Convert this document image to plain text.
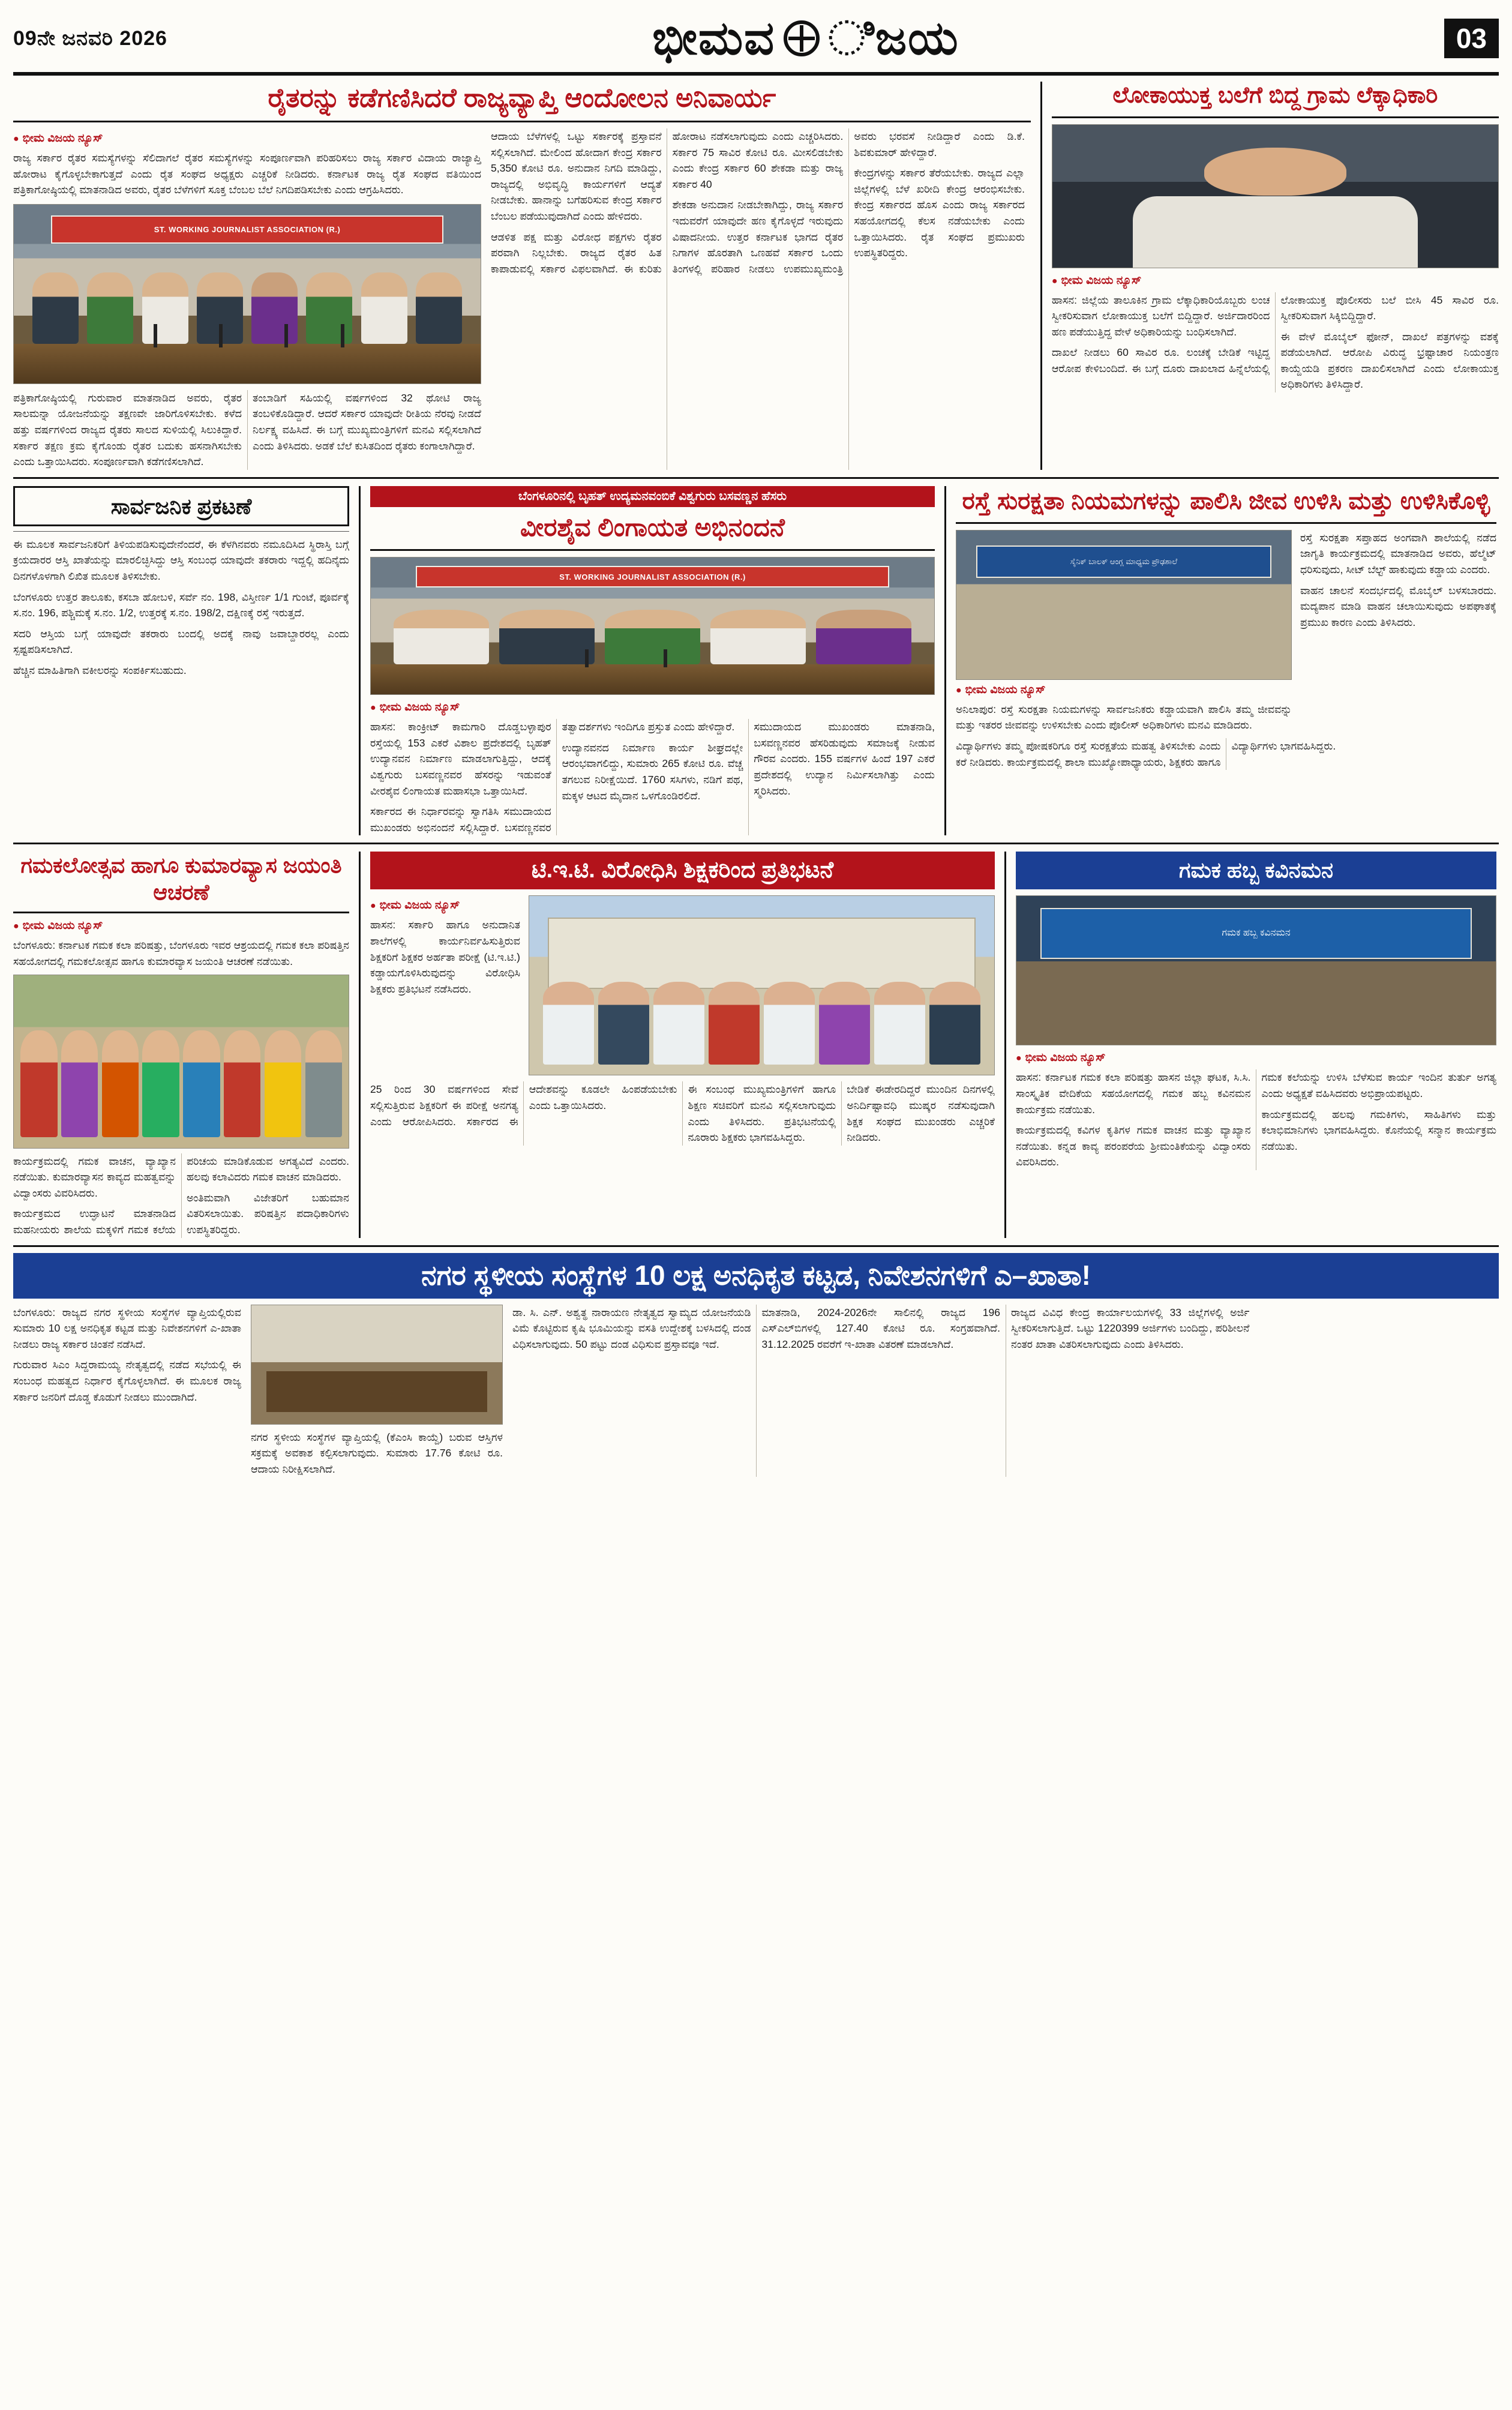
09ನೇ ಜನವರಿ 2026	ಭೀಮವ ಿಜಯ	03
ರೈತರನ್ನು ಕಡೆಗಣಿಸಿದರೆ ರಾಜ್ಯವ್ಯಾಪ್ತಿ ಆಂದೋಲನ ಅನಿವಾರ್ಯ
● ಭೀಮ ವಿಜಯ ನ್ಯೂಸ್
ರಾಜ್ಯ ಸರ್ಕಾರ ರೈತರ ಸಮಸ್ಯೆಗಳನ್ನು ಸೆಲಿದಾಗಲೆ ರೈತರ ಸಮಸ್ಯೆಗಳನ್ನು ಸಂಪೂರ್ಣವಾಗಿ ಪರಿಹರಿಸಲು ರಾಜ್ಯ ಸರ್ಕಾರ ವಿದಾಯ ರಾಜ್ಯಾಪ್ತಿ ಹೋರಾಟ ಕೈಗೊಳ್ಳಬೇಕಾಗುತ್ತದೆ ಎಂದು ರೈತ ಸಂಘದ ಅಧ್ಯಕ್ಷರು ಎಚ್ಚರಿಕೆ ನೀಡಿದರು. ಕರ್ನಾಟಕ ರಾಜ್ಯ ರೈತ ಸಂಘದ ವತಿಯಿಂದ ಪತ್ರಿಕಾಗೋಷ್ಠಿಯಲ್ಲಿ ಮಾತನಾಡಿದ ಅವರು, ರೈತರ ಬೆಳೆಗಳಿಗೆ ಸೂಕ್ತ ಬೆಂಬಲ ಬೆಲೆ ನಿಗದಿಪಡಿಸಬೇಕು ಎಂದು ಆಗ್ರಹಿಸಿದರು.
ST. WORKING JOURNALIST ASSOCIATION (R.)
ಪತ್ರಿಕಾಗೋಷ್ಠಿಯಲ್ಲಿ ಗುರುವಾರ ಮಾತನಾಡಿದ ಅವರು, ರೈತರ ಸಾಲಮನ್ನಾ ಯೋಜನೆಯನ್ನು ತಕ್ಷಣವೇ ಜಾರಿಗೊಳಿಸಬೇಕು. ಕಳೆದ ಹತ್ತು ವರ್ಷಗಳಿಂದ ರಾಜ್ಯದ ರೈತರು ಸಾಲದ ಸುಳಿಯಲ್ಲಿ ಸಿಲುಕಿದ್ದಾರೆ. ಸರ್ಕಾರ ತಕ್ಷಣ ಕ್ರಮ ಕೈಗೊಂಡು ರೈತರ ಬದುಕು ಹಸನಾಗಿಸಬೇಕು ಎಂದು ಒತ್ತಾಯಿಸಿದರು. ಸಂಪೂರ್ಣವಾಗಿ ಕಡೆಗಣಿಸಲಾಗಿದೆ.
ತಂಬಾಡಿಗೆ ಸಹಿಯಲ್ಲಿ ವರ್ಷಗಳಿಂದ 32 ಥೋಟಿ ರಾಜ್ಯ ತಂಬಳಿಕೊಡಿದ್ದಾರೆ. ಆದರೆ ಸರ್ಕಾರ ಯಾವುದೇ ರೀತಿಯ ನೆರವು ನೀಡದೆ ನಿರ್ಲಕ್ಷ್ಯ ವಹಿಸಿದೆ. ಈ ಬಗ್ಗೆ ಮುಖ್ಯಮಂತ್ರಿಗಳಿಗೆ ಮನವಿ ಸಲ್ಲಿಸಲಾಗಿದೆ ಎಂದು ತಿಳಿಸಿದರು. ಅಡಕೆ ಬೆಲೆ ಕುಸಿತದಿಂದ ರೈತರು ಕಂಗಾಲಾಗಿದ್ದಾರೆ.
ಆದಾಯ ಬೆಳೆಗಳಲ್ಲಿ ಒಟ್ಟು ಸರ್ಕಾರಕ್ಕೆ ಪ್ರಸ್ತಾವನೆ ಸಲ್ಲಿಸಲಾಗಿದೆ. ಮೇಲಿಂದ ಹೋದಾಗ ಕೇಂದ್ರ ಸರ್ಕಾರ 5,350 ಕೋಟಿ ರೂ. ಅನುದಾನ ನಿಗದಿ ಮಾಡಿದ್ದು, ರಾಜ್ಯದಲ್ಲಿ ಅಭಿವೃದ್ಧಿ ಕಾರ್ಯಗಳಿಗೆ ಆದ್ಯತೆ ನೀಡಬೇಕು. ಹಾನಾನ್ನು ಬಗೆಹರಿಸುವ ಕೇಂದ್ರ ಸರ್ಕಾರ ಬೆಂಬಲ ಪಡೆಯುವುದಾಗಿದೆ ಎಂದು ಹೇಳಿದರು.
ಆಡಳಿತ ಪಕ್ಷ ಮತ್ತು ವಿರೋಧ ಪಕ್ಷಗಳು ರೈತರ ಪರವಾಗಿ ನಿಲ್ಲಬೇಕು. ರಾಜ್ಯದ ರೈತರ ಹಿತ ಕಾಪಾಡುವಲ್ಲಿ ಸರ್ಕಾರ ವಿಫಲವಾಗಿದೆ. ಈ ಕುರಿತು ಹೋರಾಟ ನಡೆಸಲಾಗುವುದು ಎಂದು ಎಚ್ಚರಿಸಿದರು. ಸರ್ಕಾರ 75 ಸಾವಿರ ಕೋಟಿ ರೂ. ಮೀಸಲಿಡಬೇಕು ಎಂದು ಕೇಂದ್ರ ಸರ್ಕಾರ 60 ಶೇಕಡಾ ಮತ್ತು ರಾಜ್ಯ ಸರ್ಕಾರ 40
ಶೇಕಡಾ ಅನುದಾನ ನೀಡಬೇಕಾಗಿದ್ದು, ರಾಜ್ಯ ಸರ್ಕಾರ ಇದುವರೆಗೆ ಯಾವುದೇ ಹಣ ಕೈಗೊಳ್ಳದೆ ಇರುವುದು ವಿಷಾದನೀಯ. ಉತ್ತರ ಕರ್ನಾಟಕ ಭಾಗದ ರೈತರ ನಿಗಾಗಳ ಹೊರತಾಗಿ ಒಣಹವೆ ಸರ್ಕಾರ ಒಂದು ತಿಂಗಳಲ್ಲಿ ಪರಿಹಾರ ನೀಡಲು ಉಪಮುಖ್ಯಮಂತ್ರಿ ಅವರು ಭರವಸೆ ನೀಡಿದ್ದಾರೆ ಎಂದು ಡಿ.ಕೆ. ಶಿವಕುಮಾರ್ ಹೇಳಿದ್ದಾರೆ.
ಕೇಂದ್ರಗಳನ್ನು ಸರ್ಕಾರ ತೆರೆಯಬೇಕು. ರಾಜ್ಯದ ಎಲ್ಲಾ ಜಿಲ್ಲೆಗಳಲ್ಲಿ ಬೆಳೆ ಖರೀದಿ ಕೇಂದ್ರ ಆರಂಭಿಸಬೇಕು. ಕೇಂದ್ರ ಸರ್ಕಾರದ ಹೊಸ ಎಂದು ರಾಜ್ಯ ಸರ್ಕಾರದ ಸಹಯೋಗದಲ್ಲಿ ಕೆಲಸ ನಡೆಯಬೇಕು ಎಂದು ಒತ್ತಾಯಿಸಿದರು. ರೈತ ಸಂಘದ ಪ್ರಮುಖರು ಉಪಸ್ಥಿತರಿದ್ದರು.
ಲೋಕಾಯುಕ್ತ ಬಲೆಗೆ ಬಿದ್ದ ಗ್ರಾಮ ಲೆಕ್ಕಾಧಿಕಾರಿ
● ಭೀಮ ವಿಜಯ ನ್ಯೂಸ್
ಹಾಸನ: ಜಿಲ್ಲೆಯ ತಾಲೂಕಿನ ಗ್ರಾಮ ಲೆಕ್ಕಾಧಿಕಾರಿಯೊಬ್ಬರು ಲಂಚ ಸ್ವೀಕರಿಸುವಾಗ ಲೋಕಾಯುಕ್ತ ಬಲೆಗೆ ಬಿದ್ದಿದ್ದಾರೆ. ಅರ್ಜಿದಾರರಿಂದ ಹಣ ಪಡೆಯುತ್ತಿದ್ದ ವೇಳೆ ಅಧಿಕಾರಿಯನ್ನು ಬಂಧಿಸಲಾಗಿದೆ.
ದಾಖಲೆ ನೀಡಲು 60 ಸಾವಿರ ರೂ. ಲಂಚಕ್ಕೆ ಬೇಡಿಕೆ ಇಟ್ಟಿದ್ದ ಆರೋಪ ಕೇಳಿಬಂದಿದೆ. ಈ ಬಗ್ಗೆ ದೂರು ದಾಖಲಾದ ಹಿನ್ನೆಲೆಯಲ್ಲಿ ಲೋಕಾಯುಕ್ತ ಪೊಲೀಸರು ಬಲೆ ಬೀಸಿ 45 ಸಾವಿರ ರೂ. ಸ್ವೀಕರಿಸುವಾಗ ಸಿಕ್ಕಿಬಿದ್ದಿದ್ದಾರೆ.
ಈ ವೇಳೆ ಮೊಬೈಲ್ ಫೋನ್, ದಾಖಲೆ ಪತ್ರಗಳನ್ನು ವಶಕ್ಕೆ ಪಡೆಯಲಾಗಿದೆ. ಆರೋಪಿ ವಿರುದ್ಧ ಭ್ರಷ್ಟಾಚಾರ ನಿಯಂತ್ರಣ ಕಾಯ್ದೆಯಡಿ ಪ್ರಕರಣ ದಾಖಲಿಸಲಾಗಿದೆ ಎಂದು ಲೋಕಾಯುಕ್ತ ಅಧಿಕಾರಿಗಳು ತಿಳಿಸಿದ್ದಾರೆ.
ಸಾರ್ವಜನಿಕ ಪ್ರಕಟಣೆ
ಈ ಮೂಲಕ ಸಾರ್ವಜನಿಕರಿಗೆ ತಿಳಿಯಪಡಿಸುವುದೇನೆಂದರೆ, ಈ ಕೆಳಗಿನವರು ನಮೂದಿಸಿದ ಸ್ಥಿರಾಸ್ತಿ ಬಗ್ಗೆ ಕ್ರಯದಾರರ ಆಸ್ತಿ ಖಾತೆಯನ್ನು ಮಾರಲಿಚ್ಛಿಸಿದ್ದು ಆಸ್ತಿ ಸಂಬಂಧ ಯಾವುದೇ ತಕರಾರು ಇದ್ದಲ್ಲಿ ಹದಿನೈದು ದಿನಗಳೊಳಗಾಗಿ ಲಿಖಿತ ಮೂಲಕ ತಿಳಿಸಬೇಕು.
ಬೆಂಗಳೂರು ಉತ್ತರ ತಾಲೂಕು, ಕಸಬಾ ಹೋಬಳಿ, ಸರ್ವೆ ನಂ. 198, ವಿಸ್ತೀರ್ಣ 1/1 ಗುಂಟೆ, ಪೂರ್ವಕ್ಕೆ ಸ.ನಂ. 196, ಪಶ್ಚಿಮಕ್ಕೆ ಸ.ನಂ. 1/2, ಉತ್ತರಕ್ಕೆ ಸ.ನಂ. 198/2, ದಕ್ಷಿಣಕ್ಕೆ ರಸ್ತೆ ಇರುತ್ತದೆ.
ಸದರಿ ಆಸ್ತಿಯ ಬಗ್ಗೆ ಯಾವುದೇ ತಕರಾರು ಬಂದಲ್ಲಿ ಅದಕ್ಕೆ ನಾವು ಜವಾಬ್ದಾರರಲ್ಲ ಎಂದು ಸ್ಪಷ್ಟಪಡಿಸಲಾಗಿದೆ.
ಹೆಚ್ಚಿನ ಮಾಹಿತಿಗಾಗಿ ವಕೀಲರನ್ನು ಸಂಪರ್ಕಿಸಬಹುದು.
ಬೆಂಗಳೂರಿನಲ್ಲಿ ಬೃಹತ್ ಉದ್ಯಮನವಂಬಿಕೆ ವಿಶ್ವಗುರು ಬಸವಣ್ಣನ ಹೆಸರು
ವೀರಶೈವ ಲಿಂಗಾಯತ ಅಭಿನಂದನೆ
ST. WORKING JOURNALIST ASSOCIATION (R.)
● ಭೀಮ ವಿಜಯ ನ್ಯೂಸ್
ಹಾಸನ: ಕಾಂಕ್ರೀಟ್ ಕಾಮಗಾರಿ ದೊಡ್ಡಬಳ್ಳಾಪುರ ರಸ್ತೆಯಲ್ಲಿ 153 ಎಕರೆ ವಿಶಾಲ ಪ್ರದೇಶದಲ್ಲಿ ಬೃಹತ್ ಉದ್ಯಾನವನ ನಿರ್ಮಾಣ ಮಾಡಲಾಗುತ್ತಿದ್ದು, ಆದಕ್ಕೆ ವಿಶ್ವಗುರು ಬಸವಣ್ಣನವರ ಹೆಸರನ್ನು ಇಡುವಂತೆ ವೀರಶೈವ ಲಿಂಗಾಯತ ಮಹಾಸಭಾ ಒತ್ತಾಯಿಸಿದೆ.
ಸರ್ಕಾರದ ಈ ನಿರ್ಧಾರವನ್ನು ಸ್ವಾಗತಿಸಿ ಸಮುದಾಯದ ಮುಖಂಡರು ಅಭಿನಂದನೆ ಸಲ್ಲಿಸಿದ್ದಾರೆ. ಬಸವಣ್ಣನವರ ತತ್ವಾದರ್ಶಗಳು ಇಂದಿಗೂ ಪ್ರಸ್ತುತ ಎಂದು ಹೇಳಿದ್ದಾರೆ.
ಉದ್ಯಾನವನದ ನಿರ್ಮಾಣ ಕಾರ್ಯ ಶೀಘ್ರದಲ್ಲೇ ಆರಂಭವಾಗಲಿದ್ದು, ಸುಮಾರು 265 ಕೋಟಿ ರೂ. ವೆಚ್ಚ ತಗಲುವ ನಿರೀಕ್ಷೆಯಿದೆ. 1760 ಸಸಿಗಳು, ನಡಿಗೆ ಪಥ, ಮಕ್ಕಳ ಆಟದ ಮೈದಾನ ಒಳಗೊಂಡಿರಲಿದೆ.
ಸಮುದಾಯದ ಮುಖಂಡರು ಮಾತನಾಡಿ, ಬಸವಣ್ಣನವರ ಹೆಸರಿಡುವುದು ಸಮಾಜಕ್ಕೆ ನೀಡುವ ಗೌರವ ಎಂದರು. 155 ವರ್ಷಗಳ ಹಿಂದೆ 197 ಎಕರೆ ಪ್ರದೇಶದಲ್ಲಿ ಉದ್ಯಾನ ನಿರ್ಮಿಸಲಾಗಿತ್ತು ಎಂದು ಸ್ಮರಿಸಿದರು.
ರಸ್ತೆ ಸುರಕ್ಷತಾ ನಿಯಮಗಳನ್ನು ಪಾಲಿಸಿ ಜೀವ ಉಳಿಸಿ ಮತ್ತು ಉಳಿಸಿಕೊಳ್ಳಿ
ಸೈನಿಕ್ ಬಾಲಕ್ ಆಂಗ್ಲ ಮಾಧ್ಯಮ ಪ್ರೌಢಶಾಲೆ
● ಭೀಮ ವಿಜಯ ನ್ಯೂಸ್
ಅನಿಲಾಪುರ: ರಸ್ತೆ ಸುರಕ್ಷತಾ ನಿಯಮಗಳನ್ನು ಸಾರ್ವಜನಿಕರು ಕಡ್ಡಾಯವಾಗಿ ಪಾಲಿಸಿ ತಮ್ಮ ಜೀವವನ್ನು ಮತ್ತು ಇತರರ ಜೀವವನ್ನು ಉಳಿಸಬೇಕು ಎಂದು ಪೊಲೀಸ್ ಅಧಿಕಾರಿಗಳು ಮನವಿ ಮಾಡಿದರು.
ರಸ್ತೆ ಸುರಕ್ಷತಾ ಸಪ್ತಾಹದ ಅಂಗವಾಗಿ ಶಾಲೆಯಲ್ಲಿ ನಡೆದ ಜಾಗೃತಿ ಕಾರ್ಯಕ್ರಮದಲ್ಲಿ ಮಾತನಾಡಿದ ಅವರು, ಹೆಲ್ಮೆಟ್ ಧರಿಸುವುದು, ಸೀಟ್ ಬೆಲ್ಟ್ ಹಾಕುವುದು ಕಡ್ಡಾಯ ಎಂದರು.
ವಾಹನ ಚಾಲನೆ ಸಂದರ್ಭದಲ್ಲಿ ಮೊಬೈಲ್ ಬಳಸಬಾರದು. ಮದ್ಯಪಾನ ಮಾಡಿ ವಾಹನ ಚಲಾಯಿಸುವುದು ಅಪಘಾತಕ್ಕೆ ಪ್ರಮುಖ ಕಾರಣ ಎಂದು ತಿಳಿಸಿದರು.
ವಿದ್ಯಾರ್ಥಿಗಳು ತಮ್ಮ ಪೋಷಕರಿಗೂ ರಸ್ತೆ ಸುರಕ್ಷತೆಯ ಮಹತ್ವ ತಿಳಿಸಬೇಕು ಎಂದು ಕರೆ ನೀಡಿದರು. ಕಾರ್ಯಕ್ರಮದಲ್ಲಿ ಶಾಲಾ ಮುಖ್ಯೋಪಾಧ್ಯಾಯರು, ಶಿಕ್ಷಕರು ಹಾಗೂ ವಿದ್ಯಾರ್ಥಿಗಳು ಭಾಗವಹಿಸಿದ್ದರು.
ಗಮಕಲೋತ್ಸವ ಹಾಗೂ ಕುಮಾರವ್ಯಾಸ ಜಯಂತಿ ಆಚರಣೆ
● ಭೀಮ ವಿಜಯ ನ್ಯೂಸ್
ಬೆಂಗಳೂರು: ಕರ್ನಾಟಕ ಗಮಕ ಕಲಾ ಪರಿಷತ್ತು, ಬೆಂಗಳೂರು ಇವರ ಆಶ್ರಯದಲ್ಲಿ ಗಮಕ ಕಲಾ ಪರಿಷತ್ತಿನ ಸಹಯೋಗದಲ್ಲಿ ಗಮಕಲೋತ್ಸವ ಹಾಗೂ ಕುಮಾರವ್ಯಾಸ ಜಯಂತಿ ಆಚರಣೆ ನಡೆಯಿತು.
ಕಾರ್ಯಕ್ರಮದಲ್ಲಿ ಗಮಕ ವಾಚನ, ವ್ಯಾಖ್ಯಾನ ನಡೆಯಿತು. ಕುಮಾರವ್ಯಾಸನ ಕಾವ್ಯದ ಮಹತ್ವವನ್ನು ವಿದ್ವಾಂಸರು ವಿವರಿಸಿದರು.
ಕಾರ್ಯಕ್ರಮದ ಉದ್ಘಾಟನೆ ಮಾತನಾಡಿದ ಮಹನೀಯರು ಶಾಲೆಯ ಮಕ್ಕಳಿಗೆ ಗಮಕ ಕಲೆಯ ಪರಿಚಯ ಮಾಡಿಕೊಡುವ ಅಗತ್ಯವಿದೆ ಎಂದರು. ಹಲವು ಕಲಾವಿದರು ಗಮಕ ವಾಚನ ಮಾಡಿದರು.
ಅಂತಿಮವಾಗಿ ವಿಜೇತರಿಗೆ ಬಹುಮಾನ ವಿತರಿಸಲಾಯಿತು. ಪರಿಷತ್ತಿನ ಪದಾಧಿಕಾರಿಗಳು ಉಪಸ್ಥಿತರಿದ್ದರು.
ಟಿ.ಇ.ಟಿ. ವಿರೋಧಿಸಿ ಶಿಕ್ಷಕರಿಂದ ಪ್ರತಿಭಟನೆ
● ಭೀಮ ವಿಜಯ ನ್ಯೂಸ್
ಹಾಸನ: ಸರ್ಕಾರಿ ಹಾಗೂ ಅನುದಾನಿತ ಶಾಲೆಗಳಲ್ಲಿ ಕಾರ್ಯನಿರ್ವಹಿಸುತ್ತಿರುವ ಶಿಕ್ಷಕರಿಗೆ ಶಿಕ್ಷಕರ ಅರ್ಹತಾ ಪರೀಕ್ಷೆ (ಟಿ.ಇ.ಟಿ.) ಕಡ್ಡಾಯಗೊಳಿಸಿರುವುದನ್ನು ವಿರೋಧಿಸಿ ಶಿಕ್ಷಕರು ಪ್ರತಿಭಟನೆ ನಡೆಸಿದರು.
25 ರಿಂದ 30 ವರ್ಷಗಳಿಂದ ಸೇವೆ ಸಲ್ಲಿಸುತ್ತಿರುವ ಶಿಕ್ಷಕರಿಗೆ ಈ ಪರೀಕ್ಷೆ ಅನಗತ್ಯ ಎಂದು ಆರೋಪಿಸಿದರು. ಸರ್ಕಾರದ ಈ ಆದೇಶವನ್ನು ಕೂಡಲೇ ಹಿಂಪಡೆಯಬೇಕು ಎಂದು ಒತ್ತಾಯಿಸಿದರು.
ಈ ಸಂಬಂಧ ಮುಖ್ಯಮಂತ್ರಿಗಳಿಗೆ ಹಾಗೂ ಶಿಕ್ಷಣ ಸಚಿವರಿಗೆ ಮನವಿ ಸಲ್ಲಿಸಲಾಗುವುದು ಎಂದು ತಿಳಿಸಿದರು. ಪ್ರತಿಭಟನೆಯಲ್ಲಿ ನೂರಾರು ಶಿಕ್ಷಕರು ಭಾಗವಹಿಸಿದ್ದರು.
ಬೇಡಿಕೆ ಈಡೇರದಿದ್ದರೆ ಮುಂದಿನ ದಿನಗಳಲ್ಲಿ ಅನಿರ್ದಿಷ್ಟಾವಧಿ ಮುಷ್ಕರ ನಡೆಸುವುದಾಗಿ ಶಿಕ್ಷಕ ಸಂಘದ ಮುಖಂಡರು ಎಚ್ಚರಿಕೆ ನೀಡಿದರು.
ಗಮಕ ಹಬ್ಬ ಕವಿನಮನ
ಗಮಕ ಹಬ್ಬ ಕವಿನಮನ
● ಭೀಮ ವಿಜಯ ನ್ಯೂಸ್
ಹಾಸನ: ಕರ್ನಾಟಕ ಗಮಕ ಕಲಾ ಪರಿಷತ್ತು ಹಾಸನ ಜಿಲ್ಲಾ ಘಟಕ, ಸಿ.ಸಿ. ಸಾಂಸ್ಕೃತಿಕ ವೇದಿಕೆಯ ಸಹಯೋಗದಲ್ಲಿ ಗಮಕ ಹಬ್ಬ ಕವಿನಮನ ಕಾರ್ಯಕ್ರಮ ನಡೆಯಿತು.
ಕಾರ್ಯಕ್ರಮದಲ್ಲಿ ಕವಿಗಳ ಕೃತಿಗಳ ಗಮಕ ವಾಚನ ಮತ್ತು ವ್ಯಾಖ್ಯಾನ ನಡೆಯಿತು. ಕನ್ನಡ ಕಾವ್ಯ ಪರಂಪರೆಯ ಶ್ರೀಮಂತಿಕೆಯನ್ನು ವಿದ್ವಾಂಸರು ವಿವರಿಸಿದರು.
ಗಮಕ ಕಲೆಯನ್ನು ಉಳಿಸಿ ಬೆಳೆಸುವ ಕಾರ್ಯ ಇಂದಿನ ತುರ್ತು ಅಗತ್ಯ ಎಂದು ಅಧ್ಯಕ್ಷತೆ ವಹಿಸಿದವರು ಅಭಿಪ್ರಾಯಪಟ್ಟರು.
ಕಾರ್ಯಕ್ರಮದಲ್ಲಿ ಹಲವು ಗಮಕಿಗಳು, ಸಾಹಿತಿಗಳು ಮತ್ತು ಕಲಾಭಿಮಾನಿಗಳು ಭಾಗವಹಿಸಿದ್ದರು. ಕೊನೆಯಲ್ಲಿ ಸನ್ಮಾನ ಕಾರ್ಯಕ್ರಮ ನಡೆಯಿತು.
ನಗರ ಸ್ಥಳೀಯ ಸಂಸ್ಥೆಗಳ 10 ಲಕ್ಷ ಅನಧಿಕೃತ ಕಟ್ಟಡ, ನಿವೇಶನಗಳಿಗೆ ಎ–ಖಾತಾ!
ಬೆಂಗಳೂರು: ರಾಜ್ಯದ ನಗರ ಸ್ಥಳೀಯ ಸಂಸ್ಥೆಗಳ ವ್ಯಾಪ್ತಿಯಲ್ಲಿರುವ ಸುಮಾರು 10 ಲಕ್ಷ ಅನಧಿಕೃತ ಕಟ್ಟಡ ಮತ್ತು ನಿವೇಶನಗಳಿಗೆ ಎ-ಖಾತಾ ನೀಡಲು ರಾಜ್ಯ ಸರ್ಕಾರ ಚಿಂತನೆ ನಡೆಸಿದೆ.
ಗುರುವಾರ ಸಿಎಂ ಸಿದ್ದರಾಮಯ್ಯ ನೇತೃತ್ವದಲ್ಲಿ ನಡೆದ ಸಭೆಯಲ್ಲಿ ಈ ಸಂಬಂಧ ಮಹತ್ವದ ನಿರ್ಧಾರ ಕೈಗೊಳ್ಳಲಾಗಿದೆ. ಈ ಮೂಲಕ ರಾಜ್ಯ ಸರ್ಕಾರ ಜನರಿಗೆ ದೊಡ್ಡ ಕೊಡುಗೆ ನೀಡಲು ಮುಂದಾಗಿದೆ.
ನಗರ ಸ್ಥಳೀಯ ಸಂಸ್ಥೆಗಳ ವ್ಯಾಪ್ತಿಯಲ್ಲಿ (ಕೆಎಂಸಿ ಕಾಯ್ದೆ) ಬರುವ ಆಸ್ತಿಗಳ ಸಕ್ರಮಕ್ಕೆ ಅವಕಾಶ ಕಲ್ಪಿಸಲಾಗುವುದು. ಸುಮಾರು 17.76 ಕೋಟಿ ರೂ. ಆದಾಯ ನಿರೀಕ್ಷಿಸಲಾಗಿದೆ.
ಡಾ. ಸಿ. ಎನ್. ಅಶ್ವತ್ಥ ನಾರಾಯಣ ನೇತೃತ್ವದ ಸ್ವಾಮ್ಯದ ಯೋಜನೆಯಡಿ ವಿಮೆ ಕೊಟ್ಟಿರುವ ಕೃಷಿ ಭೂಮಿಯನ್ನು ವಸತಿ ಉದ್ದೇಶಕ್ಕೆ ಬಳಸಿದಲ್ಲಿ ದಂಡ ವಿಧಿಸಲಾಗುವುದು. 50 ಪಟ್ಟು ದಂಡ ವಿಧಿಸುವ ಪ್ರಸ್ತಾವವೂ ಇದೆ.
ಮಾತನಾಡಿ, 2024-2026ನೇ ಸಾಲಿನಲ್ಲಿ ರಾಜ್ಯದ 196 ಎಸ್‌ಎಲ್‌ಬಿಗಳಲ್ಲಿ 127.40 ಕೋಟಿ ರೂ. ಸಂಗ್ರಹವಾಗಿದೆ. 31.12.2025 ರವರೆಗೆ ಇ-ಖಾತಾ ವಿತರಣೆ ಮಾಡಲಾಗಿದೆ.
ರಾಜ್ಯದ ವಿವಿಧ ಕೇಂದ್ರ ಕಾರ್ಯಾಲಯಗಳಲ್ಲಿ 33 ಜಿಲ್ಲೆಗಳಲ್ಲಿ ಅರ್ಜಿ ಸ್ವೀಕರಿಸಲಾಗುತ್ತಿದೆ. ಒಟ್ಟು 1220399 ಅರ್ಜಿಗಳು ಬಂದಿದ್ದು, ಪರಿಶೀಲನೆ ನಂತರ ಖಾತಾ ವಿತರಿಸಲಾಗುವುದು ಎಂದು ತಿಳಿಸಿದರು.
